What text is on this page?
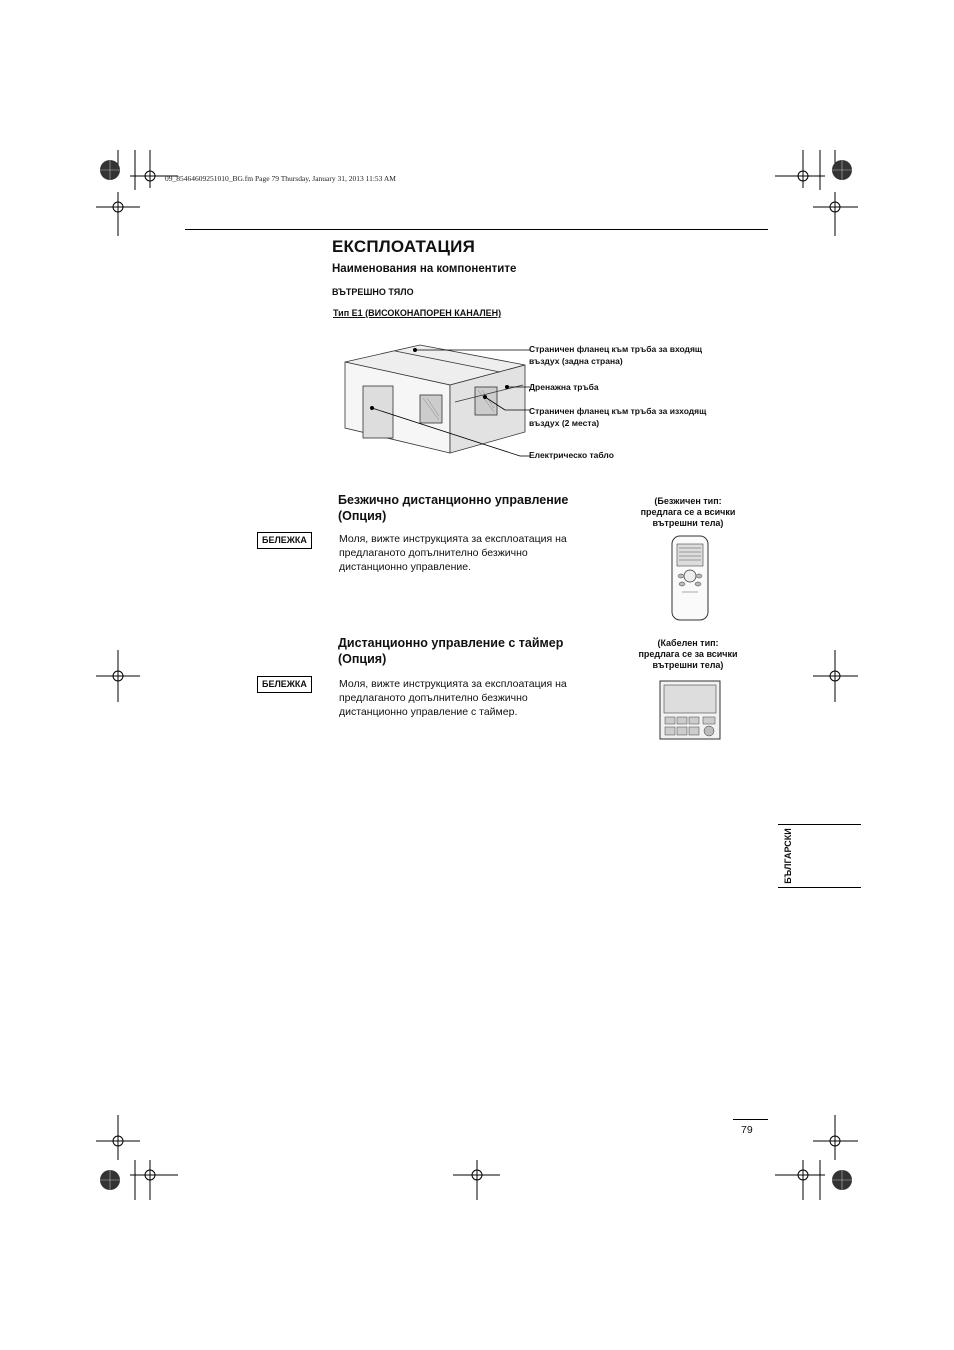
09_85464609251010_BG.fm Page 79 Thursday, January 31, 2013 11:53 AM
ЕКСПЛОАТАЦИЯ
Наименования на компонентите
ВЪТРЕШНО ТЯЛО
Тип E1 (ВИСОКОНАПОРЕН КАНАЛЕН)
Страничен фланец към тръба за входящ
въздух (задна страна)
Дренажна тръба
Страничен фланец към тръба за изходящ
въздух (2 места)
Електрическо табло
Безжично дистанционно управление
(Опция)
БЕЛЕЖКА	Моля, вижте инструкцията за експлоатация на
предлаганото допълнително безжично
дистанционно управление.
(Безжичен тип:
предлага се а всички
вътрешни тела)
Дистанционно управление с таймер
(Опция)
БЕЛЕЖКА	Моля, вижте инструкцията за експлоатация на
предлаганото допълнително безжично
дистанционно управление с таймер.
(Кабелен тип:
предлага се за всички
вътрешни тела)
БЪЛГАРСКИ
79
